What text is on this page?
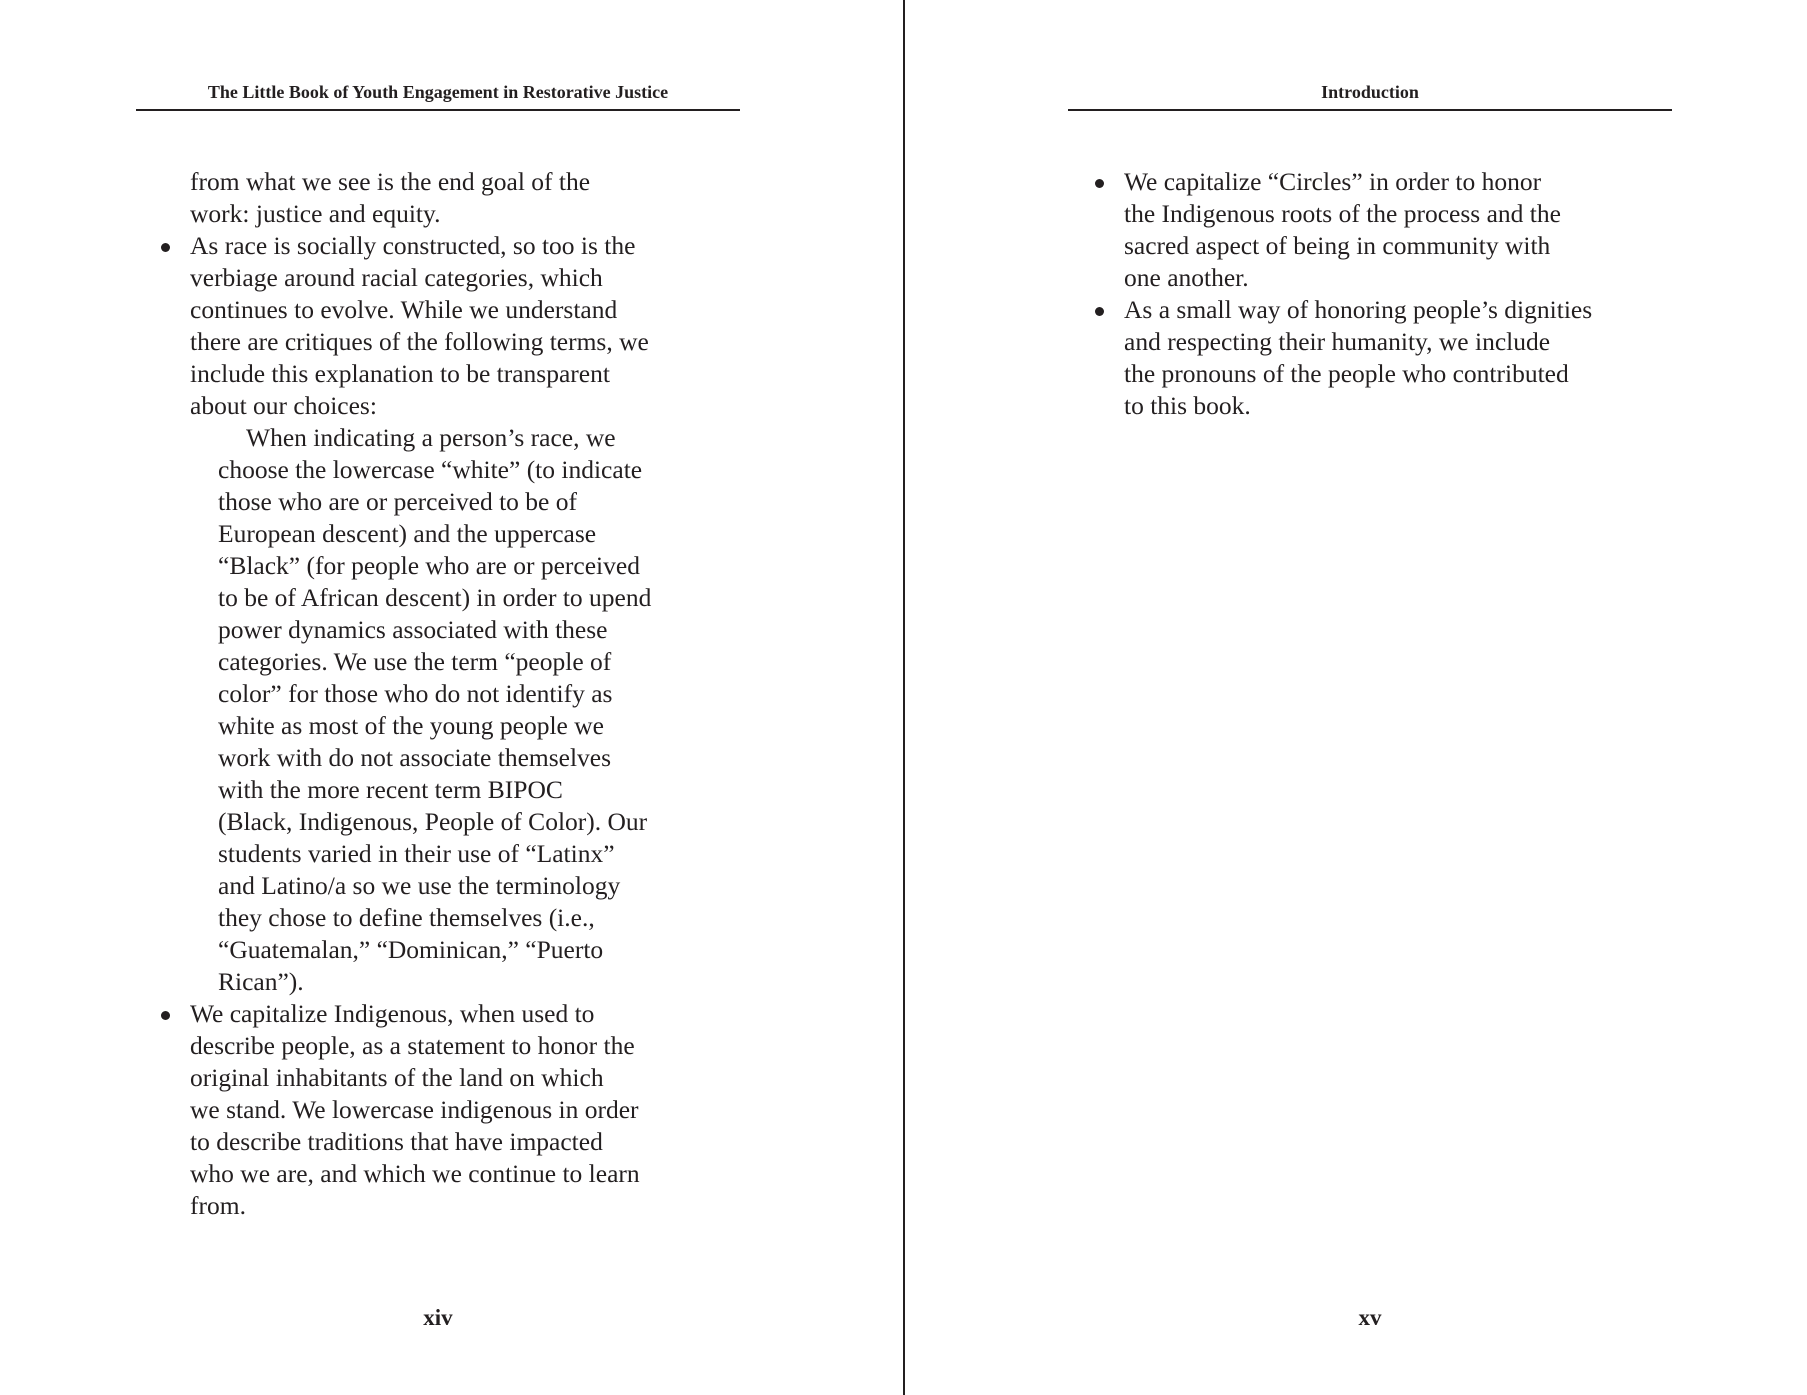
The Little Book of Youth Engagement in Restorative Justice
from what we see is the end goal of the
work: justice and equity.
As race is socially constructed, so too is the
verbiage around racial categories, which
continues to evolve. While we understand
there are critiques of the following terms, we
include this explanation to be transparent
about our choices:
When indicating a person’s race, we
choose the lowercase “white” (to indicate
those who are or perceived to be of
European descent) and the uppercase
“Black” (for people who are or perceived
to be of African descent) in order to upend
power dynamics associated with these
categories. We use the term “people of
color” for those who do not identify as
white as most of the young people we
work with do not associate themselves
with the more recent term BIPOC
(Black, Indigenous, People of Color). Our
students varied in their use of “Latinx”
and Latino/a so we use the terminology
they chose to define themselves (i.e.,
“Guatemalan,” “Dominican,” “Puerto
Rican”).
We capitalize Indigenous, when used to
describe people, as a statement to honor the
original inhabitants of the land on which
we stand. We lowercase indigenous in order
to describe traditions that have impacted
who we are, and which we continue to learn
from.
xiv
Introduction
We capitalize “Circles” in order to honor
the Indigenous roots of the process and the
sacred aspect of being in community with
one another.
As a small way of honoring people’s dignities
and respecting their humanity, we include
the pronouns of the people who contributed
to this book.
xv
